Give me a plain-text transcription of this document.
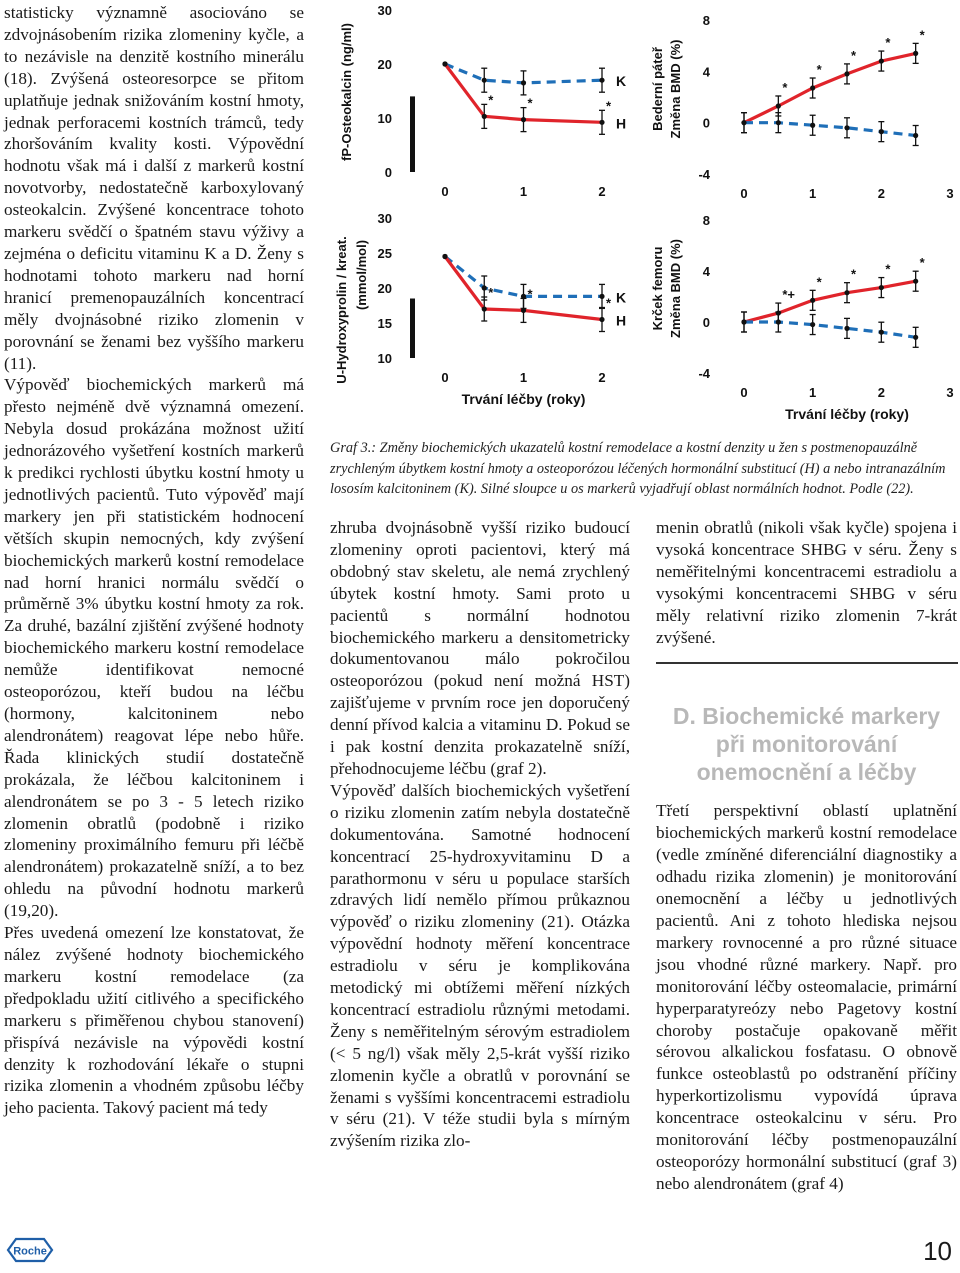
statisticky významně asociováno se zdvojnásobením rizika zlomeniny kyčle, a to nezávisle na denzitě kostního minerálu (18). Zvýšená osteoresorpce se přitom uplatňuje jednak snižováním kostní hmoty, jednak perforacemi kostních trámců, tedy zhoršováním kvality kosti. Výpovědní hodnotu však má i další z markerů kostní novotvorby, nedostatečně karboxylovaný osteokalcin. Zvýšené koncentrace tohoto markeru svědčí o špatném stavu výživy a zejména o deficitu vitaminu K a D. Ženy s hodnotami tohoto markeru nad horní hranicí premenopauzálních koncentrací měly dvojnásobné riziko zlomenin v porovnání se ženami bez vyššího markeru (11).

Výpověď biochemických markerů má přesto nejméně dvě významná omezení. Nebyla dosud prokázána možnost užití jednorázového vyšetření kostních markerů k predikci rychlosti úbytku kostní hmoty u jednotlivých pacientů. Tuto výpověď mají markery jen při statistickém hodnocení větších skupin nemocných, kdy zvýšení biochemických markerů kostní remodelace nad horní hranici normálu svědčí o průměrně 3% úbytku kostní hmoty za rok. Za druhé, bazální zjištění zvýšené hodnoty biochemického markeru kostní remodelace nemůže identifikovat nemocné osteoporózou, kteří budou na léčbu (hormony, kalcitoninem nebo alendronátem) reagovat lépe nebo hůře. Řada klinických studií dostatečně prokázala, že léčbou kalcitoninem i alendronátem se po 3 - 5 letech riziko zlomenin obratlů (podobně i riziko zlomeniny proximálního femuru při léčbě alendronátem) prokazatelně sníží, a to bez ohledu na původní hodnotu markerů (19,20).

Přes uvedená omezení lze konstatovat, že nález zvýšené hodnoty biochemického markeru kostní remodelace (za předpokladu užití citlivého a specifického markeru s přiměřenou chybou stanovení) přispívá nezávisle na výpovědi kostní denzity k rozhodování lékaře o stupni rizika zlomenin a vhodném způsobu léčby jeho pacienta. Takový pacient má tedy

30
20
10
0
0	1	2
fP-Osteokalcin (ng/ml)	K
*	*	*
H
30
25
20
15
10
0	1	2
Trvání léčby (roky)
U-Hydroxyprolin / kreat. (mmol/mol)	K
*	*
*
H
8
4
0
-4
0	1	2	3
Bederní páteř Změna BMD (%)	*
*
*
*
*
8
4
0
-4
0	1	2	3
Trvání léčby (roky)
Krček femoru Změna BMD (%)	*+
*
* * *
Graf 3.: Změny biochemických ukazatelů kostní remodelace a kostní denzity u žen s postmenopauzálně zrychleným úbytkem kostní hmoty a osteoporózou léčených hormonální substitucí (H) a nebo intranazálním lososím kalcitoninem (K). Silné sloupce u os markerů vyjadřují oblast normálních hodnot. Podle (22).

zhruba dvojnásobně vyšší riziko budoucí zlomeniny oproti pacientovi, který má obdobný stav skeletu, ale nemá zrychlený úbytek kostní hmoty. Sami proto u pacientů s normální hodnotou biochemického markeru a densitometricky dokumentovanou málo pokročilou osteoporózou (pokud není možná HST) zajišťujeme v prvním roce jen doporučený denní přívod kalcia a vitaminu D. Pokud se i pak kostní denzita prokazatelně sníží, přehodnocujeme léčbu (graf 2).

Výpověď dalších biochemických vyšetření o riziku zlomenin zatím nebyla dostatečně dokumentována. Samotné hodnocení koncentrací 25-hydroxyvitaminu D a parathormonu v séru u populace starších zdravých lidí nemělo přímou průkaznou výpověď o riziku zlomeniny (21). Otázka výpovědní hodnoty měření koncentrace estradiolu v séru je komplikována metodický mi obtížemi měření nízkých koncentrací estradiolu různými metodami. Ženy s neměřitelným sérovým estradiolem (< 5 ng/l) však měly 2,5-krát vyšší riziko zlomenin kyčle a obratlů v porovnání se ženami s vyššími koncentracemi estradiolu v séru (21). V téže studii byla s mírným zvýšením rizika zlo-

menin obratlů (nikoli však kyčle) spojena i vysoká koncentrace SHBG v séru. Ženy s neměřitelnými koncentracemi estradiolu a vysokými koncentracemi SHBG v séru měly relativní riziko zlomenin 7-krát zvýšené.

D. Biochemické markery
při monitorování
onemocnění a léčby

Třetí perspektivní oblastí uplatnění biochemických markerů kostní remodelace (vedle zmíněné diferenciální diagnostiky a odhadu rizika zlomenin) je monitorování onemocnění a léčby u jednotlivých pacientů. Ani z tohoto hlediska nejsou markery rovnocenné a pro různé situace jsou vhodné různé markery. Např. pro monitorování léčby osteomalacie, primární hyperparatyreózy nebo Pagetovy kostní choroby postačuje opakovaně měřit sérovou alkalickou fosfatasu. O obnově funkce osteoblastů po odstranění příčiny hyperkortizolismu vypovídá úprava koncentrace osteokalcinu v séru. Pro monitorování léčby postmenopauzální osteoporózy hormonální substitucí (graf 3) nebo alendronátem (graf 4)

Roche	10
